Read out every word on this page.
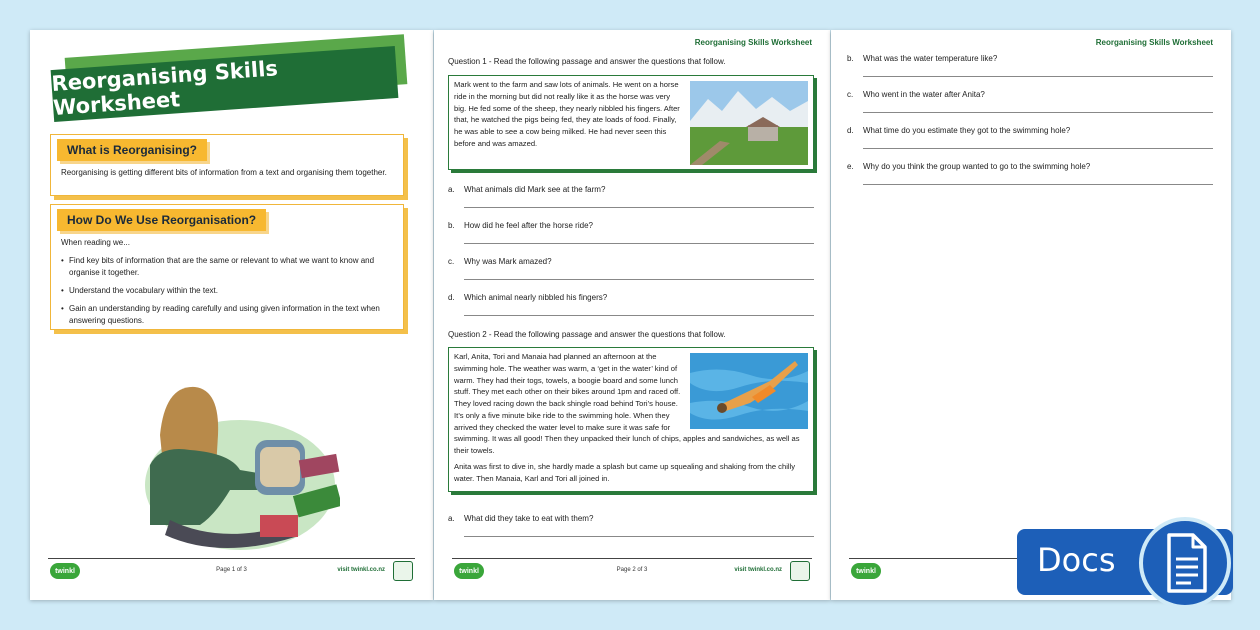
Reorganising Skills Worksheet
What is Reorganising?
Reorganising is getting different bits of information from a text and organising them together.
How Do We Use Reorganisation?
When reading we...
• Find key bits of information that are the same or relevant to what we want to know and organise it together.
• Understand the vocabulary within the text.
• Gain an understanding by reading carefully and using given information in the text when answering questions.
twinkl	Page 1 of 3	visit twinkl.co.nz
Reorganising Skills Worksheet
Question 1 - Read the following passage and answer the questions that follow.
Mark went to the farm and saw lots of animals. He went on a horse ride in the morning but did not really like it as the horse was very big. He fed some of the sheep, they nearly nibbled his fingers. After that, he watched the pigs being fed, they ate loads of food. Finally, he was able to see a cow being milked. He had never seen this before and was amazed.
a. What animals did Mark see at the farm?
b. How did he feel after the horse ride?
c. Why was Mark amazed?
d. Which animal nearly nibbled his fingers?
Question 2 - Read the following passage and answer the questions that follow.
Karl, Anita, Tori and Manaia had planned an afternoon at the swimming hole. The weather was warm, a ‘get in the water’ kind of warm. They had their togs, towels, a boogie board and some lunch stuff. They met each other on their bikes around 1pm and raced off. They loved racing down the back shingle road behind Tori’s house. It’s only a five minute bike ride to the swimming hole. When they arrived they checked the water level to make sure it was safe for swimming. It was all good! Then they unpacked their lunch of chips, apples and sandwiches, as well as their towels.
Anita was first to dive in, she hardly made a splash but came up squealing and shaking from the chilly water. Then Manaia, Karl and Tori all joined in.
a. What did they take to eat with them?
twinkl	Page 2 of 3	visit twinkl.co.nz
Reorganising Skills Worksheet
b. What was the water temperature like?
c. Who went in the water after Anita?
d. What time do you estimate they got to the swimming hole?
e. Why do you think the group wanted to go to the swimming hole?
twinkl	Docs
